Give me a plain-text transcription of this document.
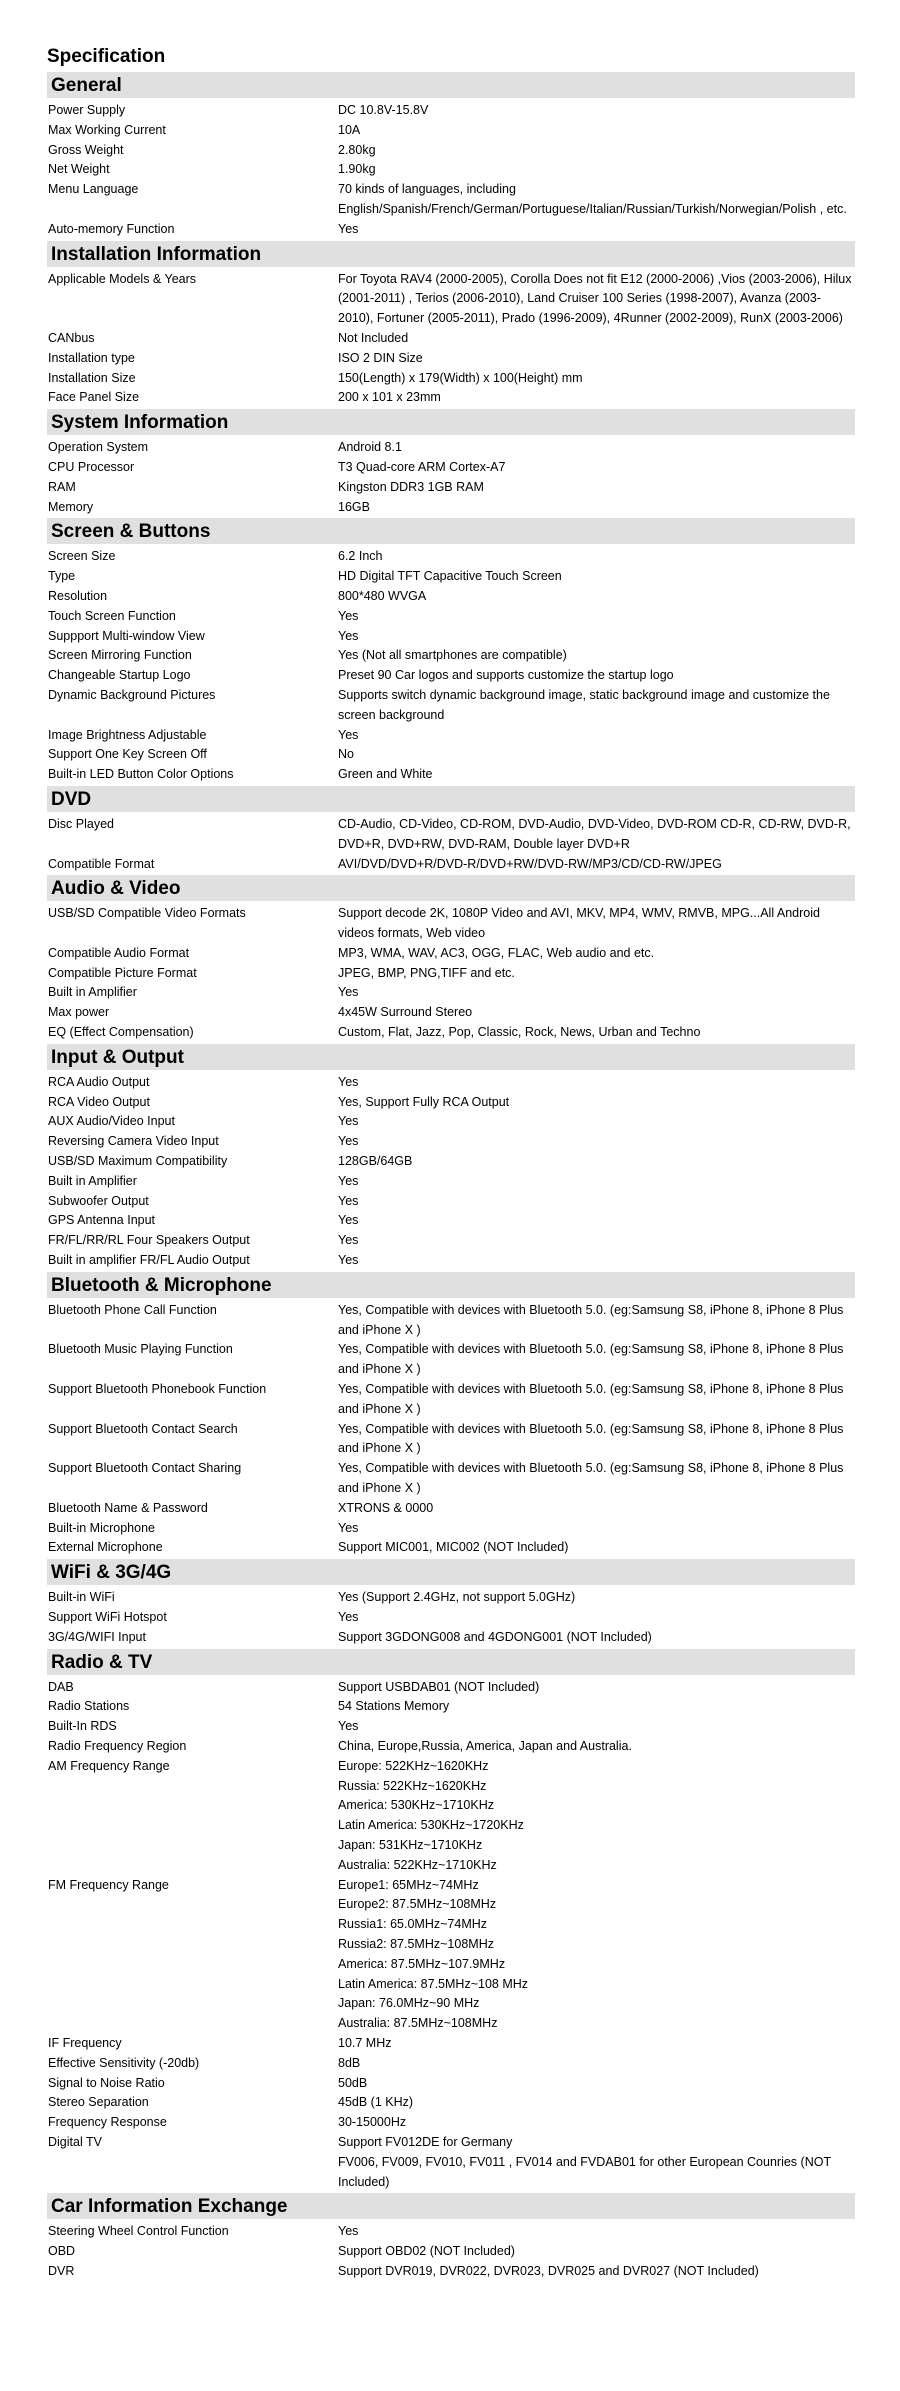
Specification
General
Power Supply	DC 10.8V-15.8V
Max Working Current	10A
Gross Weight	2.80kg
Net Weight	1.90kg
Menu Language	70 kinds of languages, including English/Spanish/French/German/Portuguese/Italian/Russian/Turkish/Norwegian/Polish , etc.
Auto-memory Function	Yes
Installation Information
Applicable Models & Years	For Toyota RAV4 (2000-2005), Corolla Does not fit E12 (2000-2006) ,Vios (2003-2006), Hilux (2001-2011) , Terios (2006-2010), Land Cruiser 100 Series (1998-2007), Avanza (2003-2010), Fortuner (2005-2011), Prado (1996-2009), 4Runner (2002-2009), RunX (2003-2006)
CANbus	Not Included
Installation type	ISO 2 DIN Size
Installation Size	150(Length) x 179(Width) x 100(Height) mm
Face Panel Size	200 x 101 x 23mm
System Information
Operation System	Android 8.1
CPU Processor	T3 Quad-core ARM Cortex-A7
RAM	Kingston DDR3 1GB RAM
Memory	16GB
Screen & Buttons
Screen Size	6.2 Inch
Type	HD Digital TFT Capacitive Touch Screen
Resolution	800*480 WVGA
Touch Screen Function	Yes
Suppport Multi-window View	Yes
Screen Mirroring Function	Yes (Not all smartphones are compatible)
Changeable Startup Logo	Preset 90 Car logos and supports customize the startup logo
Dynamic Background Pictures	Supports switch dynamic background image, static background image and customize the screen background
Image Brightness Adjustable	Yes
Support One Key Screen Off	No
Built-in LED Button Color Options	Green and White
DVD
Disc Played	CD-Audio, CD-Video, CD-ROM, DVD-Audio, DVD-Video, DVD-ROM CD-R, CD-RW, DVD-R, DVD+R, DVD+RW, DVD-RAM, Double layer DVD+R
Compatible Format	AVI/DVD/DVD+R/DVD-R/DVD+RW/DVD-RW/MP3/CD/CD-RW/JPEG
Audio & Video
USB/SD Compatible Video Formats	Support decode 2K, 1080P Video and AVI, MKV, MP4, WMV, RMVB, MPG...All Android videos formats, Web video
Compatible Audio Format	MP3, WMA, WAV, AC3, OGG, FLAC, Web audio and etc.
Compatible Picture Format	JPEG, BMP, PNG,TIFF and etc.
Built in Amplifier	Yes
Max power	4x45W Surround Stereo
EQ (Effect Compensation)	Custom, Flat, Jazz, Pop, Classic, Rock, News, Urban and Techno
Input & Output
RCA Audio Output	Yes
RCA Video Output	Yes, Support Fully RCA Output
AUX Audio/Video Input	Yes
Reversing Camera Video Input	Yes
USB/SD Maximum Compatibility	128GB/64GB
Built in Amplifier	Yes
Subwoofer Output	Yes
GPS Antenna Input	Yes
FR/FL/RR/RL Four Speakers Output	Yes
Built in amplifier FR/FL Audio Output	Yes
Bluetooth & Microphone
Bluetooth Phone Call Function	Yes, Compatible with devices with Bluetooth 5.0. (eg:Samsung S8, iPhone 8, iPhone 8 Plus and iPhone X )
Bluetooth Music Playing Function	Yes, Compatible with devices with Bluetooth 5.0. (eg:Samsung S8, iPhone 8, iPhone 8 Plus and iPhone X )
Support Bluetooth Phonebook Function	Yes, Compatible with devices with Bluetooth 5.0. (eg:Samsung S8, iPhone 8, iPhone 8 Plus and iPhone X )
Support Bluetooth Contact Search	Yes, Compatible with devices with Bluetooth 5.0. (eg:Samsung S8, iPhone 8, iPhone 8 Plus and iPhone X )
Support Bluetooth Contact Sharing	Yes, Compatible with devices with Bluetooth 5.0. (eg:Samsung S8, iPhone 8, iPhone 8 Plus and iPhone X )
Bluetooth Name & Password	XTRONS & 0000
Built-in Microphone	Yes
External Microphone	Support MIC001, MIC002 (NOT Included)
WiFi & 3G/4G
Built-in WiFi	Yes (Support 2.4GHz, not support 5.0GHz)
Support WiFi Hotspot	Yes
3G/4G/WIFI Input	Support 3GDONG008 and 4GDONG001 (NOT Included)
Radio & TV
DAB	Support USBDAB01 (NOT Included)
Radio Stations	54 Stations Memory
Built-In RDS	Yes
Radio Frequency Region	China, Europe,Russia, America, Japan and Australia.
AM Frequency Range	Europe: 522KHz~1620KHz
Russia: 522KHz~1620KHz
America: 530KHz~1710KHz
Latin America: 530KHz~1720KHz
Japan: 531KHz~1710KHz
Australia: 522KHz~1710KHz
FM Frequency Range	Europe1: 65MHz~74MHz
Europe2: 87.5MHz~108MHz
Russia1: 65.0MHz~74MHz
Russia2: 87.5MHz~108MHz
America: 87.5MHz~107.9MHz
Latin America: 87.5MHz~108 MHz
Japan: 76.0MHz~90 MHz
Australia: 87.5MHz~108MHz
IF Frequency	10.7 MHz
Effective Sensitivity (-20db)	8dB
Signal to Noise Ratio	50dB
Stereo Separation	45dB (1 KHz)
Frequency Response	30-15000Hz
Digital TV	Support FV012DE for Germany
FV006, FV009, FV010, FV011 , FV014 and FVDAB01 for other European Counries (NOT Included)
Car Information Exchange
Steering Wheel Control Function	Yes
OBD	Support OBD02 (NOT Included)
DVR	Support DVR019, DVR022, DVR023, DVR025 and DVR027 (NOT Included)
